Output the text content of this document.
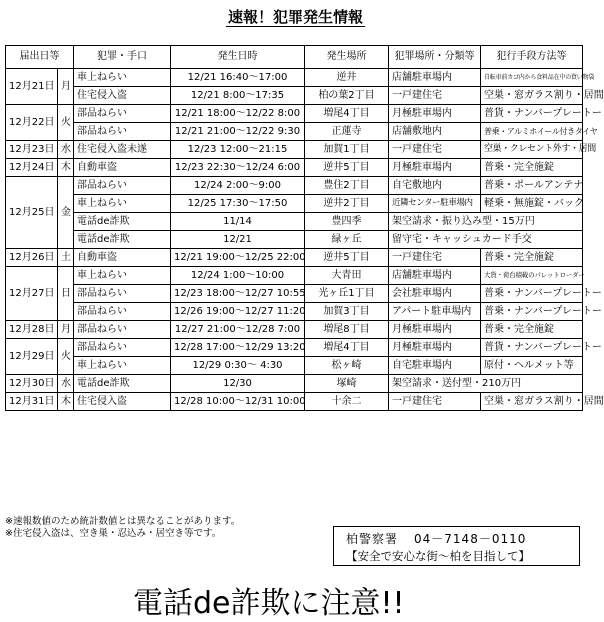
速報！犯罪発生情報
届出日等		犯罪・手口	発生日時	発生場所	犯罪場所・分類等	犯行手段方法等
12月21日	月	車上ねらい	12/21 16:40～17:00	逆井	店舗駐車場内	自転車前カゴ内から食料品在中の買い物袋
		住宅侵入盗	12/21 8:00～17:35	柏の葉2丁目	一戸建住宅	空巣・窓ガラス割り・居間
12月22日	火	部品ねらい	12/21 18:00～12/22 8:00	増尾4丁目	月極駐車場内	普貨・ナンバープレートー
		部品ねらい	12/21 21:00～12/22 9:30	正蓮寺	店舗敷地内	普乗・アルミホイール付きタイヤ
12月23日	水	住宅侵入盗未遂	12/23 12:00～21:15	加賀1丁目	一戸建住宅	空巣・クレセント外す・居間
12月24日	木	自動車盗	12/23 22:30～12/24 6:00	逆井5丁目	月極駐車場内	普乗・完全施錠
12月25日	金	部品ねらい	12/24 2:00～9:00	豊住2丁目	自宅敷地内	普乗・ポールアンテナ
		車上ねらい	12/25 17:30～17:50	逆井2丁目	近隣センター駐車場内	軽乗・無施錠・バック
		電話de詐欺	11/14	豊四季	架空請求・振り込み型・15万円	
		電話de詐欺	12/21	緑ヶ丘	留守宅・キャッシュカード手交	
12月26日	土	自動車盗	12/21 19:00～12/25 22:00	逆井5丁目	一戸建住宅	普乗・完全施錠
12月27日	日	車上ねらい	12/24 1:00～10:00	大青田	店舗駐車場内	大貨・荷台積載のパレットローダー
		部品ねらい	12/23 18:00～12/27 10:55	光ヶ丘1丁目	会社駐車場内	普乗・ナンバープレートー
		部品ねらい	12/26 19:00～12/27 11:20	加賀3丁目	アパート駐車場内	普乗・ナンバープレートー
12月28日	月	部品ねらい	12/27 21:00～12/28 7:00	増尾8丁目	月極駐車場内	普乗・完全施錠
12月29日	火	部品ねらい	12/28 17:00～12/29 13:20	増尾4丁目	月極駐車場内	普貨・ナンバープレートー
		車上ねらい	12/29 0:30～ 4:30	松ヶ崎	自宅駐車場内	原付・ヘルメット等
12月30日	水	電話de詐欺	12/30	塚崎	架空請求・送付型・210万円	
12月31日	木	住宅侵入盗	12/28 10:00～12/31 10:00	十余二	一戸建住宅	空巣・窓ガラス割り・居間
※速報数値のため統計数値とは異なることがあります。
※住宅侵入盗は、空き巣・忍込み・居空き等です。	柏警察署 04－7148－0110
【安全で安心な街～柏を目指して】
電話de詐欺に注意!!
